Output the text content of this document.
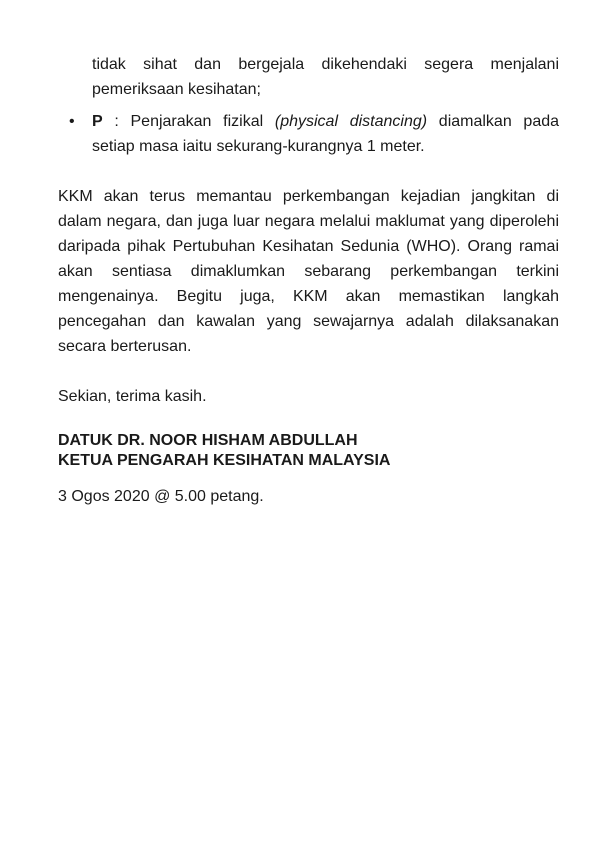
tidak sihat dan bergejala dikehendaki segera menjalani
pemeriksaan kesihatan;
• P : Penjarakan fizikal (physical distancing) diamalkan pada
setiap masa iaitu sekurang-kurangnya 1 meter.
KKM akan terus memantau perkembangan kejadian jangkitan di
dalam negara, dan juga luar negara melalui maklumat yang diperolehi
daripada pihak Pertubuhan Kesihatan Sedunia (WHO). Orang ramai
akan sentiasa dimaklumkan sebarang perkembangan terkini
mengenainya. Begitu juga, KKM akan memastikan langkah
pencegahan dan kawalan yang sewajarnya adalah dilaksanakan
secara berterusan.
Sekian, terima kasih.
DATUK DR. NOOR HISHAM ABDULLAH
KETUA PENGARAH KESIHATAN MALAYSIA
3 Ogos 2020 @ 5.00 petang.
